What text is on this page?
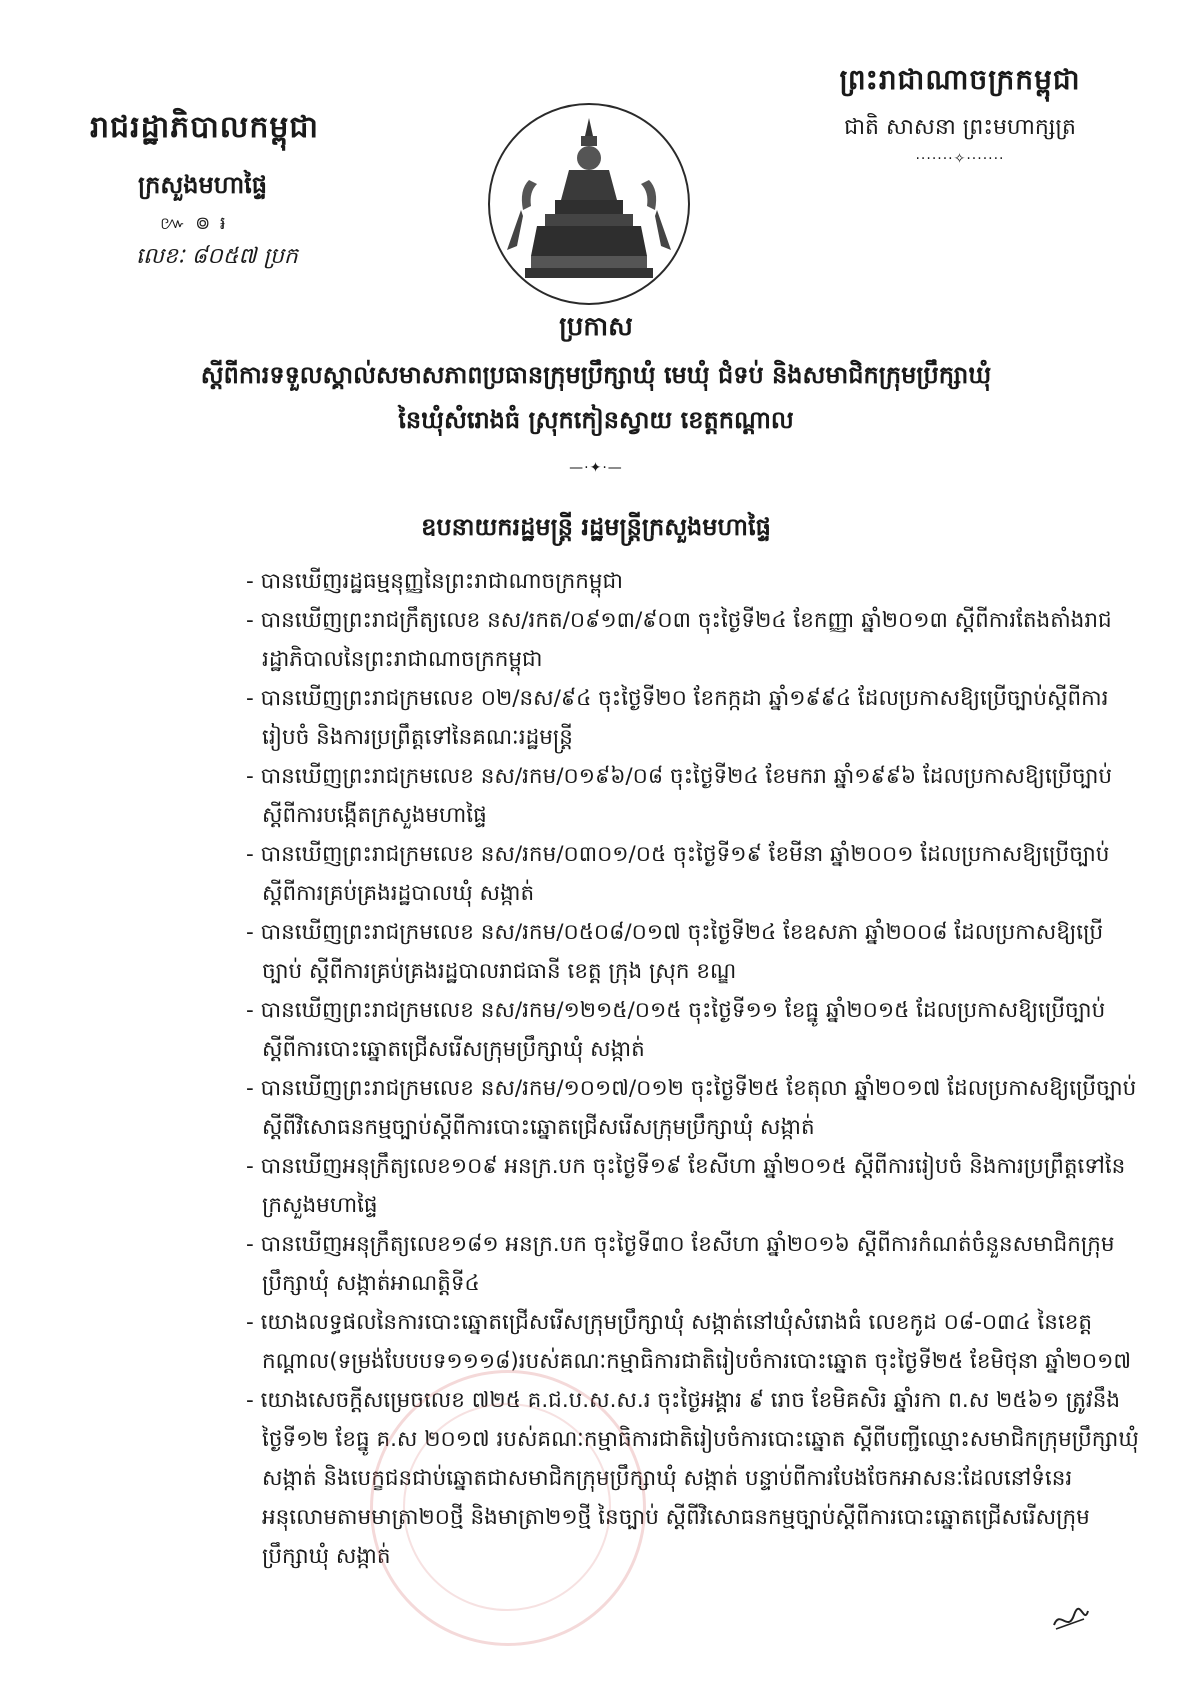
រាជរដ្ឋាភិបាលកម្ពុជា
ក្រសួងមហាផ្ទៃ
៚ ៙ ៛
លេខៈ ៨០៥៧ ប្រក
ព្រះរាជាណាចក្រកម្ពុជា
ជាតិ សាសនា ព្រះមហាក្សត្រ
·······✧·······
ប្រកាស
ស្តីពីការទទួលស្គាល់សមាសភាពប្រធានក្រុមប្រឹក្សាឃុំ មេឃុំ ជំទប់ និងសមាជិកក្រុមប្រឹក្សាឃុំ
នៃឃុំសំរោងធំ ស្រុកកៀនស្វាយ ខេត្តកណ្តាល
—·✦·—
ឧបនាយករដ្ឋមន្ត្រី រដ្ឋមន្ត្រីក្រសួងមហាផ្ទៃ

- បានឃើញរដ្ឋធម្មនុញ្ញនៃព្រះរាជាណាចក្រកម្ពុជា

- បានឃើញព្រះរាជក្រឹត្យលេខ នស/រកត/០៩១៣/៩០៣ ចុះថ្ងៃទី២៤ ខែកញ្ញា ឆ្នាំ២០១៣ ស្តីពីការតែងតាំងរាជរដ្ឋាភិបាលនៃព្រះរាជាណាចក្រកម្ពុជា

- បានឃើញព្រះរាជក្រមលេខ ០២/នស/៩៤ ចុះថ្ងៃទី២០ ខែកក្កដា ឆ្នាំ១៩៩៤ ដែលប្រកាសឱ្យប្រើច្បាប់ស្តីពីការរៀបចំ និងការប្រព្រឹត្តទៅនៃគណៈរដ្ឋមន្ត្រី

- បានឃើញព្រះរាជក្រមលេខ នស/រកម/០១៩៦/០៨ ចុះថ្ងៃទី២៤ ខែមករា ឆ្នាំ១៩៩៦ ដែលប្រកាសឱ្យប្រើច្បាប់ ស្តីពីការបង្កើតក្រសួងមហាផ្ទៃ

- បានឃើញព្រះរាជក្រមលេខ នស/រកម/០៣០១/០៥ ចុះថ្ងៃទី១៩ ខែមីនា ឆ្នាំ២០០១ ដែលប្រកាសឱ្យប្រើច្បាប់ ស្តីពីការគ្រប់គ្រងរដ្ឋបាលឃុំ សង្កាត់

- បានឃើញព្រះរាជក្រមលេខ នស/រកម/០៥០៨/០១៧ ចុះថ្ងៃទី២៤ ខែឧសភា ឆ្នាំ២០០៨ ដែលប្រកាសឱ្យប្រើច្បាប់ ស្តីពីការគ្រប់គ្រងរដ្ឋបាលរាជធានី ខេត្ត ក្រុង ស្រុក ខណ្ឌ

- បានឃើញព្រះរាជក្រមលេខ នស/រកម/១២១៥/០១៥ ចុះថ្ងៃទី១១ ខែធ្នូ ឆ្នាំ២០១៥ ដែលប្រកាសឱ្យប្រើច្បាប់ ស្តីពីការបោះឆ្នោតជ្រើសរើសក្រុមប្រឹក្សាឃុំ សង្កាត់

- បានឃើញព្រះរាជក្រមលេខ នស/រកម/១០១៧/០១២ ចុះថ្ងៃទី២៥ ខែតុលា ឆ្នាំ២០១៧ ដែលប្រកាសឱ្យប្រើច្បាប់ ស្តីពីវិសោធនកម្មច្បាប់ស្តីពីការបោះឆ្នោតជ្រើសរើសក្រុមប្រឹក្សាឃុំ សង្កាត់

- បានឃើញអនុក្រឹត្យលេខ១០៩ អនក្រ.បក ចុះថ្ងៃទី១៩ ខែសីហា ឆ្នាំ២០១៥ ស្តីពីការរៀបចំ និងការប្រព្រឹត្តទៅនៃក្រសួងមហាផ្ទៃ

- បានឃើញអនុក្រឹត្យលេខ១៨១ អនក្រ.បក ចុះថ្ងៃទី៣០ ខែសីហា ឆ្នាំ២០១៦ ស្តីពីការកំណត់ចំនួនសមាជិកក្រុមប្រឹក្សាឃុំ សង្កាត់អាណត្តិទី៤

- យោងលទ្ធផលនៃការបោះឆ្នោតជ្រើសរើសក្រុមប្រឹក្សាឃុំ សង្កាត់នៅឃុំសំរោងធំ លេខកូដ ០៨-០៣៤ នៃខេត្តកណ្តាល(ទម្រង់បែបបទ១១១៨)របស់គណៈកម្មាធិការជាតិរៀបចំការបោះឆ្នោត ចុះថ្ងៃទី២៥ ខែមិថុនា ឆ្នាំ២០១៧

- យោងសេចក្តីសម្រេចលេខ ៧២៥ គ.ជ.ប.ស.ស.រ ចុះថ្ងៃអង្គារ ៩ រោច ខែមិគសិរ ឆ្នាំរកា ព.ស ២៥៦១ ត្រូវនឹងថ្ងៃទី១២ ខែធ្នូ គ.ស ២០១៧ របស់គណៈកម្មាធិការជាតិរៀបចំការបោះឆ្នោត ស្តីពីបញ្ជីឈ្មោះសមាជិកក្រុមប្រឹក្សាឃុំ សង្កាត់ និងបេក្ខជនជាប់ឆ្នោតជាសមាជិកក្រុមប្រឹក្សាឃុំ សង្កាត់ បន្ទាប់ពីការបែងចែកអាសនៈដែលនៅទំនេរអនុលោមតាមមាត្រា២០ថ្មី និងមាត្រា២១ថ្មី នៃច្បាប់ ស្តីពីវិសោធនកម្មច្បាប់ស្តីពីការបោះឆ្នោតជ្រើសរើសក្រុមប្រឹក្សាឃុំ សង្កាត់
